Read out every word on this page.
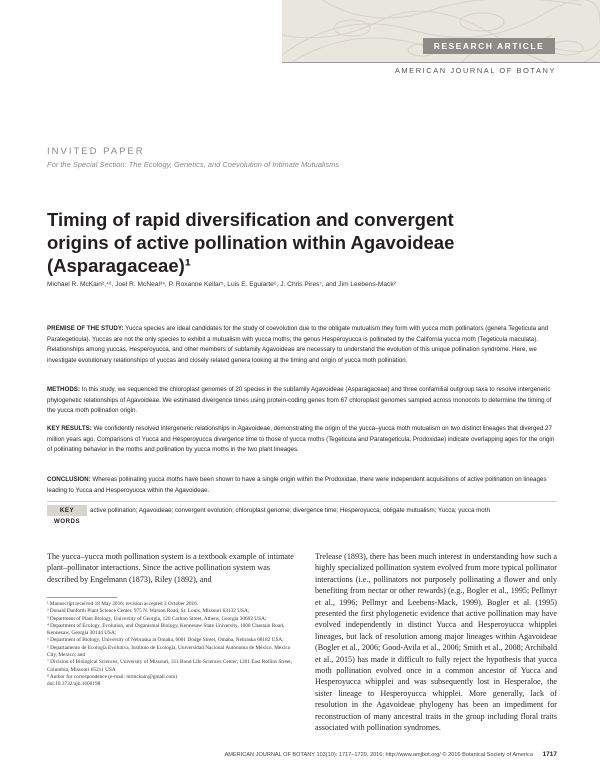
RESEARCH ARTICLE
AMERICAN JOURNAL OF BOTANY
INVITED PAPER
For the Special Section: The Ecology, Genetics, and Coevolution of Intimate Mutualisms
Timing of rapid diversification and convergent origins of active pollination within Agavoideae (Asparagaceae)¹
Michael R. McKain²,⁴⁶, Joel R. McNeal³⁴, P. Roxanne Kellar⁵, Luis E. Eguiarte⁶, J. Chris Pires⁷, and Jim Leebens-Mack²

PREMISE OF THE STUDY: Yucca species are ideal candidates for the study of coevolution due to the obligate mutualism they form with yucca moth pollinators (genera Tegeticula and Parategeticula). Yuccas are not the only species to exhibit a mutualism with yucca moths; the genus Hesperoyucca is pollinated by the California yucca moth (Tegeticula maculata). Relationships among yuccas, Hesperoyucca, and other members of subfamily Agavoideae are necessary to understand the evolution of this unique pollination syndrome. Here, we investigate evolutionary relationships of yuccas and closely related genera looking at the timing and origin of yucca moth pollination.

METHODS: In this study, we sequenced the chloroplast genomes of 20 species in the subfamily Agavoideae (Asparagaceae) and three confamilial outgroup taxa to resolve intergeneric phylogenetic relationships of Agavoideae. We estimated divergence times using protein-coding genes from 67 chloroplast genomes sampled across monocots to determine the timing of the yucca moth pollination origin.

KEY RESULTS: We confidently resolved intergeneric relationships in Agavoideae, demonstrating the origin of the yucca–yucca moth mutualism on two distinct lineages that diverged 27 million years ago. Comparisons of Yucca and Hesperoyucca divergence time to those of yucca moths (Tegeticula and Parategeticula, Prodoxidae) indicate overlapping ages for the origin of pollinating behavior in the moths and pollination by yucca moths in the two plant lineages.

CONCLUSION: Whereas pollinating yucca moths have been shown to have a single origin within the Prodoxidae, there were independent acquisitions of active pollination on lineages leading to Yucca and Hesperoyucca within the Agavoideae.

KEY WORDS
active pollination; Agavoideae; convergent evolution; chloroplast genome; divergence time; Hesperoyucca; obligate mutualism; Yucca; yucca moth

The yucca–yucca moth pollination system is a textbook example of intimate plant–pollinator interactions. Since the active pollination system was described by Engelmann (1873), Riley (1892), and

Trelease (1893), there has been much interest in understanding how such a highly specialized pollination system evolved from more typical pollinator interactions (i.e., pollinators not purposely pollinating a flower and only benefiting from nectar or other rewards) (e.g., Bogler et al., 1995; Pellmyr et al., 1996; Pellmyr and Leebens-Mack, 1999). Bogler et al. (1995) presented the first phylogenetic evidence that active pollination may have evolved independently in distinct Yucca and Hesperoyucca whipplei lineages, but lack of resolution among major lineages within Agavoideae (Bogler et al., 2006; Good-Avila et al., 2006; Smith et al., 2008; Archibald et al., 2015) has made it difficult to fully reject the hypothesis that yucca moth pollination evolved once in a common ancestor of Yucca and Hesperoyucca whipplei and was subsequently lost in Hesperaloe, the sister lineage to Hesperoyucca whipplei. More generally, lack of resolution in the Agavoideae phylogeny has been an impediment for reconstruction of many ancestral traits in the group including floral traits associated with pollination syndromes.

¹ Manuscript received 18 May 2016; revision accepted 3 October 2016.
² Donald Danforth Plant Science Center, 975 N. Warson Road, St. Louis, Missouri 63132 USA;
³ Department of Plant Biology, University of Georgia, 120 Carlton Street, Athens, Georgia 30602 USA;
⁴ Department of Ecology, Evolution, and Organismal Biology, Kennesaw State University, 1000 Chastain Road, Kennesaw, Georgia 30144 USA;
⁵ Department of Biology, University of Nebraska at Omaha, 6001 Dodge Street, Omaha, Nebraska 68182 USA;
⁶ Departamento de Ecología Evolutiva, Instituto de Ecología, Universidad Nacional Autónoma de México, Mexico City, Mexico; and
⁷ Division of Biological Sciences, University of Missouri, 311 Bond Life Sciences Center, 1201 East Rollins Street, Columbia, Missouri 65211 USA
⁸ Author for correspondence (e-mail: mrmckain@gmail.com)
doi:10.3732/ajb.1600198
AMERICAN JOURNAL OF BOTANY 103(10): 1717–1729, 2016; http://www.amjbot.org/ © 2016 Botanical Society of America 1717
